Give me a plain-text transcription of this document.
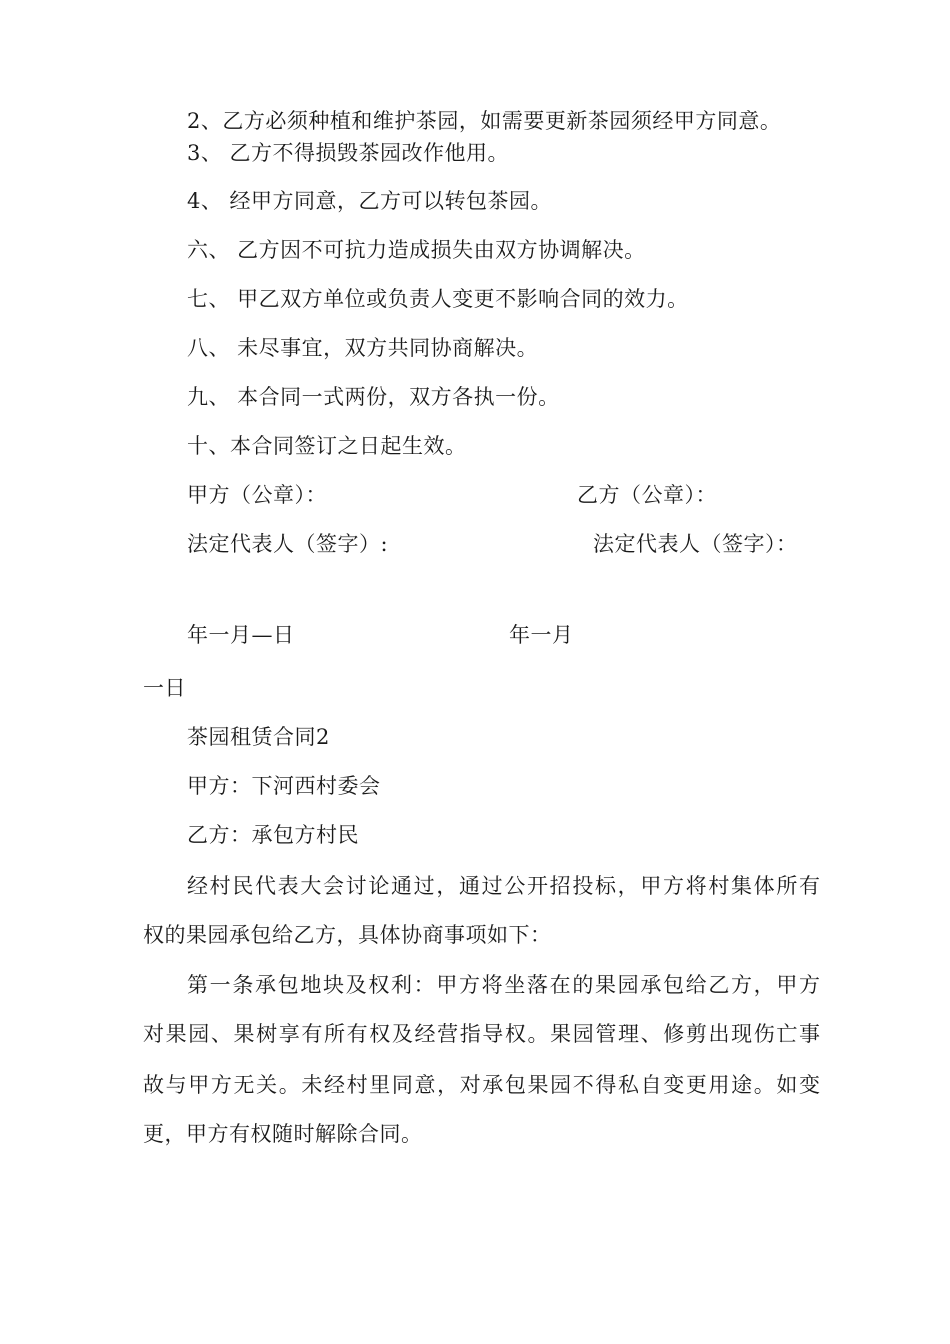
2、乙方必须种植和维护茶园，如需要更新茶园须经甲方同意。
3、 乙方不得损毁茶园改作他用。
4、 经甲方同意，乙方可以转包茶园。
六、 乙方因不可抗力造成损失由双方协调解决。
七、 甲乙双方单位或负责人变更不影响合同的效力。
八、 未尽事宜，双方共同协商解决。
九、 本合同一式两份，双方各执一份。
十、本合同签订之日起生效。
甲方（公章）：	乙方（公章）：
法定代表人（签字）:	法定代表人（签字）：
年一月—日	年一月
一日
茶园租赁合同2
甲方：下河西村委会
乙方：承包方村民
经村民代表大会讨论通过，通过公开招投标，甲方将村集体所有
权的果园承包给乙方，具体协商事项如下：
第一条承包地块及权利：甲方将坐落在的果园承包给乙方，甲方
对果园、果树享有所有权及经营指导权。果园管理、修剪出现伤亡事
故与甲方无关。未经村里同意，对承包果园不得私自变更用途。如变
更，甲方有权随时解除合同。
